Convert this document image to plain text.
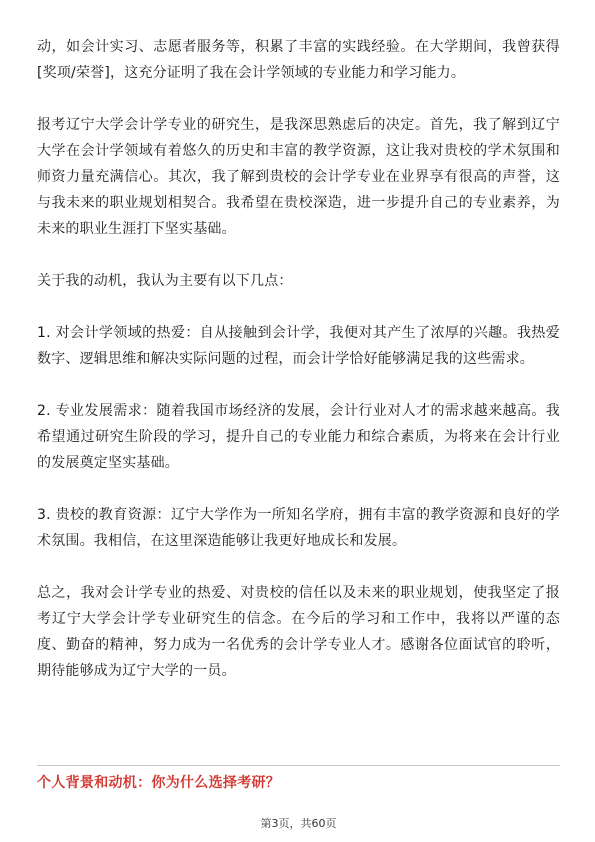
动，如会计实习、志愿者服务等，积累了丰富的实践经验。在大学期间，我曾获得[奖项/荣誉]，这充分证明了我在会计学领域的专业能力和学习能力。

报考辽宁大学会计学专业的研究生，是我深思熟虑后的决定。首先，我了解到辽宁大学在会计学领域有着悠久的历史和丰富的教学资源，这让我对贵校的学术氛围和师资力量充满信心。其次，我了解到贵校的会计学专业在业界享有很高的声誉，这与我未来的职业规划相契合。我希望在贵校深造，进一步提升自己的专业素养，为未来的职业生涯打下坚实基础。

关于我的动机，我认为主要有以下几点：

1. 对会计学领域的热爱：自从接触到会计学，我便对其产生了浓厚的兴趣。我热爱数字、逻辑思维和解决实际问题的过程，而会计学恰好能够满足我的这些需求。

2. 专业发展需求：随着我国市场经济的发展，会计行业对人才的需求越来越高。我希望通过研究生阶段的学习，提升自己的专业能力和综合素质，为将来在会计行业的发展奠定坚实基础。

3. 贵校的教育资源：辽宁大学作为一所知名学府，拥有丰富的教学资源和良好的学术氛围。我相信，在这里深造能够让我更好地成长和发展。

总之，我对会计学专业的热爱、对贵校的信任以及未来的职业规划，使我坚定了报考辽宁大学会计学专业研究生的信念。在今后的学习和工作中，我将以严谨的态度、勤奋的精神，努力成为一名优秀的会计学专业人才。感谢各位面试官的聆听，期待能够成为辽宁大学的一员。

个人背景和动机：你为什么选择考研？
第3页，共60页
